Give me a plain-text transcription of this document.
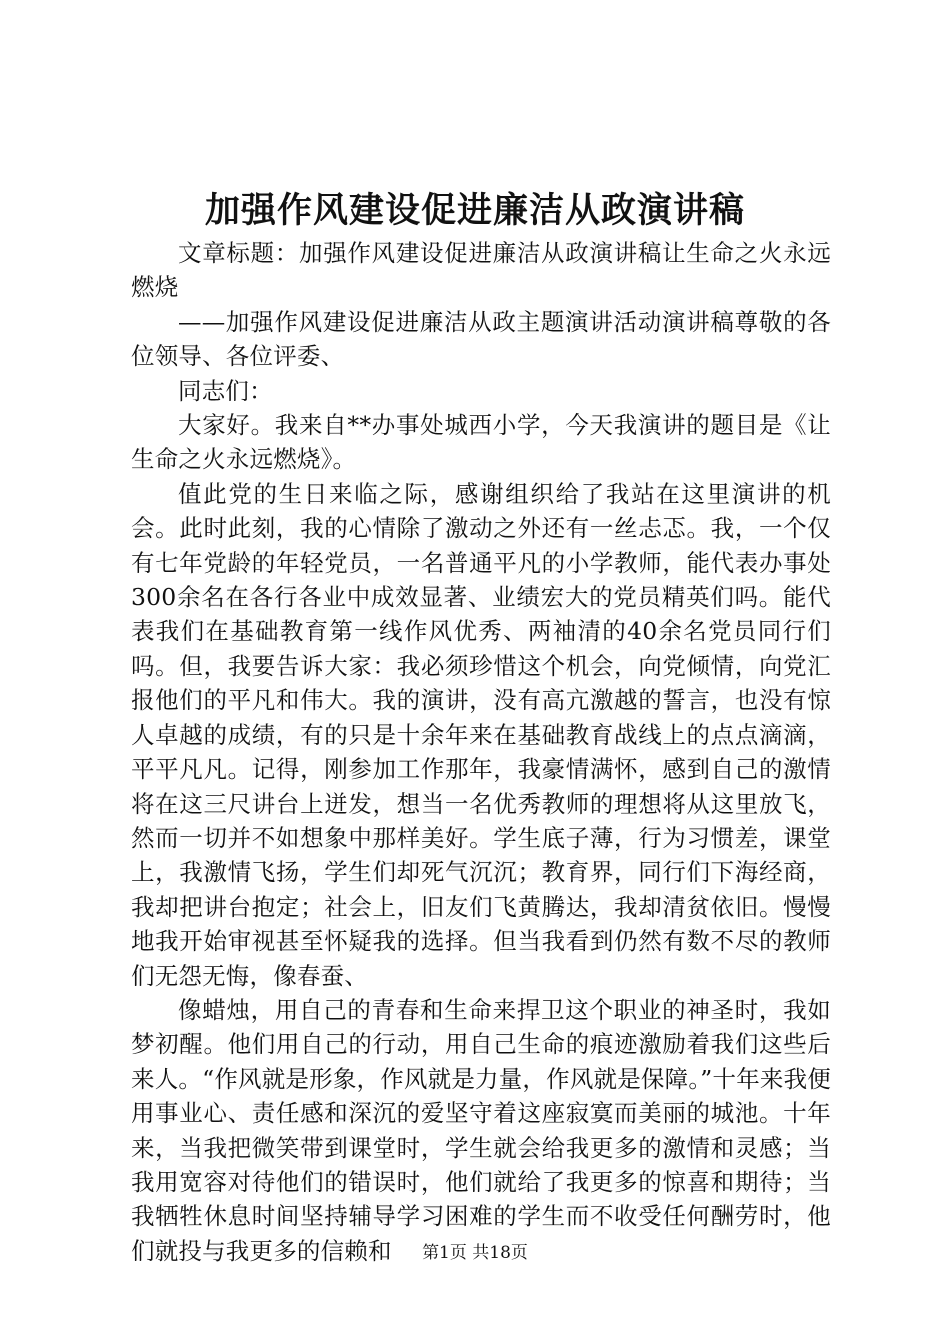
加强作风建设促进廉洁从政演讲稿

文章标题：加强作风建设促进廉洁从政演讲稿让生命之火永远燃烧

——加强作风建设促进廉洁从政主题演讲活动演讲稿尊敬的各位领导、各位评委、

同志们：

大家好。我来自**办事处城西小学，今天我演讲的题目是《让生命之火永远燃烧》。

值此党的生日来临之际，感谢组织给了我站在这里演讲的机会。此时此刻，我的心情除了激动之外还有一丝忐忑。我，一个仅有七年党龄的年轻党员，一名普通平凡的小学教师，能代表办事处300余名在各行各业中成效显著、业绩宏大的党员精英们吗。能代表我们在基础教育第一线作风优秀、两袖清的40余名党员同行们吗。但，我要告诉大家：我必须珍惜这个机会，向党倾情，向党汇报他们的平凡和伟大。我的演讲，没有高亢激越的誓言，也没有惊人卓越的成绩，有的只是十余年来在基础教育战线上的点点滴滴，平平凡凡。记得，刚参加工作那年，我豪情满怀，感到自己的激情将在这三尺讲台上迸发，想当一名优秀教师的理想将从这里放飞，然而一切并不如想象中那样美好。学生底子薄，行为习惯差，课堂上，我激情飞扬，学生们却死气沉沉；教育界，同行们下海经商，我却把讲台抱定；社会上，旧友们飞黄腾达，我却清贫依旧。慢慢地我开始审视甚至怀疑我的选择。但当我看到仍然有数不尽的教师们无怨无悔，像春蚕、

像蜡烛，用自己的青春和生命来捍卫这个职业的神圣时，我如梦初醒。他们用自己的行动，用自己生命的痕迹激励着我们这些后来人。“作风就是形象，作风就是力量，作风就是保障。”十年来我便用事业心、责任感和深沉的爱坚守着这座寂寞而美丽的城池。十年来，当我把微笑带到课堂时，学生就会给我更多的激情和灵感；当我用宽容对待他们的错误时，他们就给了我更多的惊喜和期待；当我牺牲休息时间坚持辅导学习困难的学生而不收受任何酬劳时，他们就投与我更多的信赖和	第1页 共18页
